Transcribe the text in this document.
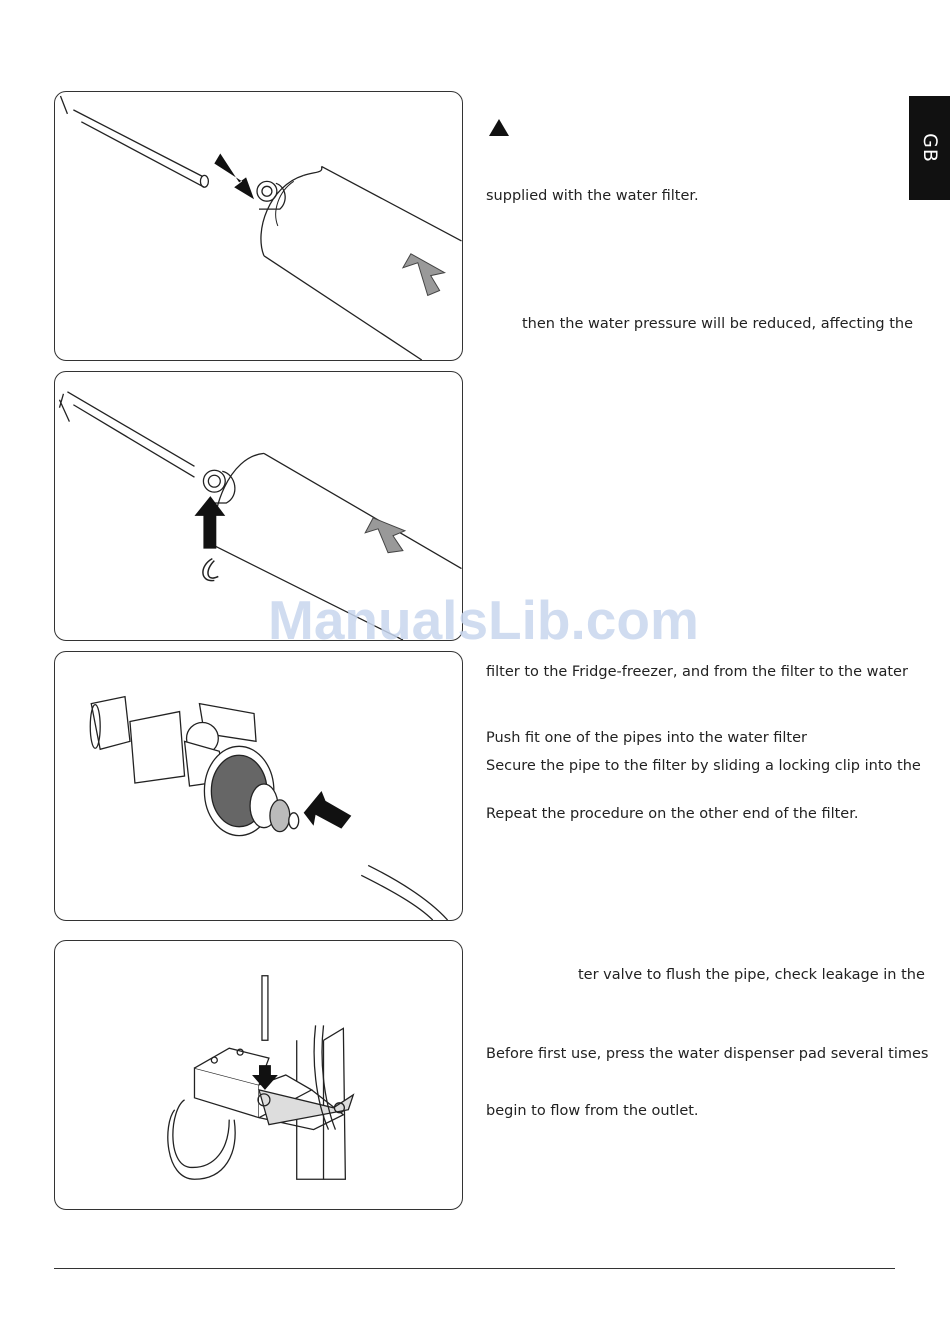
GB
supplied with the water filter.
then the water pressure will be reduced, affecting the
filter to the Fridge-freezer, and from the filter to the water
Push fit one of the pipes into the water filter
Secure the pipe to the filter by sliding a locking clip into the
Repeat the procedure on the other end of the filter.
ter valve to flush the pipe, check leakage in the
Before first use, press the water dispenser pad several times
begin to flow from the outlet.
ManualsLib.com
